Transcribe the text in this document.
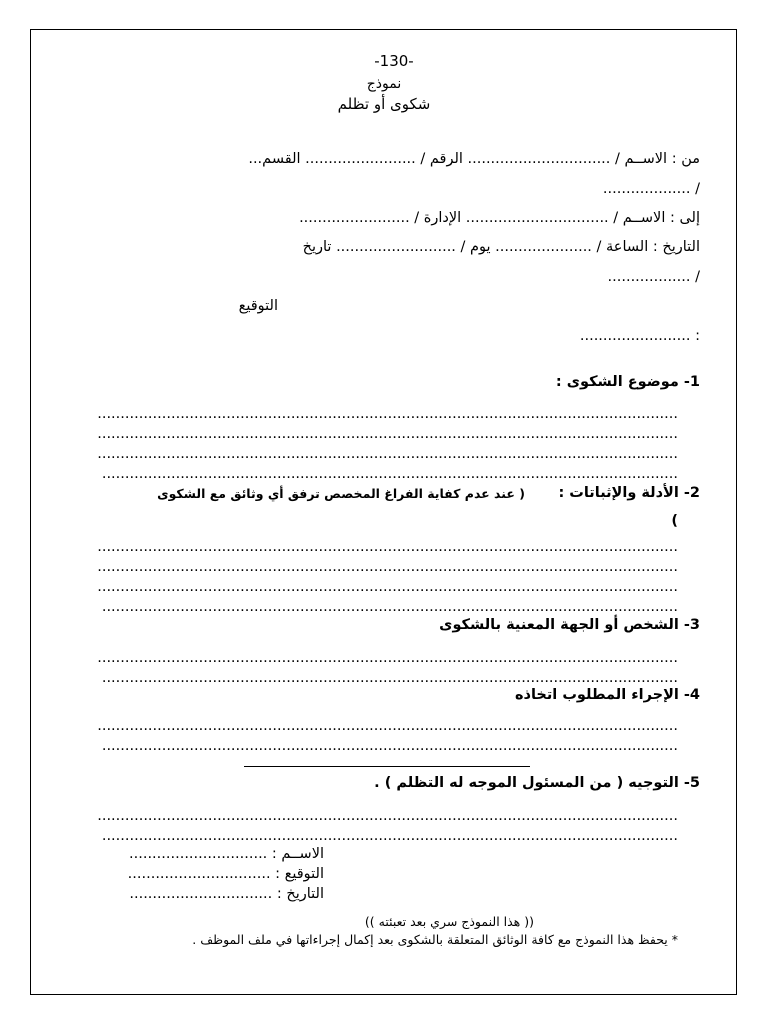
-130-
نموذج
شكوى أو تظلم
من : الاســم / ............................... الرقم / ........................ القسم...
/ ...................
إلى : الاســم / ............................... الإدارة / ........................
التاريخ : الساعة / ..................... يوم / .......................... تاريخ
/ ..................
التوقيع
: ........................
1- موضوع الشكوى :
..............................................................................................................................
..............................................................................................................................
..............................................................................................................................
.............................................................................................................................
2- الأدلة والإثباتات :
( عند عدم كفاية الفراغ المخصص ترفق أي وثائق مع الشكوى
)
..............................................................................................................................
..............................................................................................................................
..............................................................................................................................
.............................................................................................................................
3- الشخص أو الجهة المعنية بالشكوى
..............................................................................................................................
.............................................................................................................................
4- الإجراء المطلوب اتخاذه
..............................................................................................................................
.............................................................................................................................
5- التوجيه ( من المسئول الموجه له التظلم ) .
..............................................................................................................................
.............................................................................................................................
الاســم : ..............................
التوقيع : ...............................
التاريخ : ...............................
(( هذا النموذج سري بعد تعبئته ))
* يحفظ هذا النموذج مع كافة الوثائق المتعلقة بالشكوى بعد إكمال إجراءاتها في ملف الموظف .
